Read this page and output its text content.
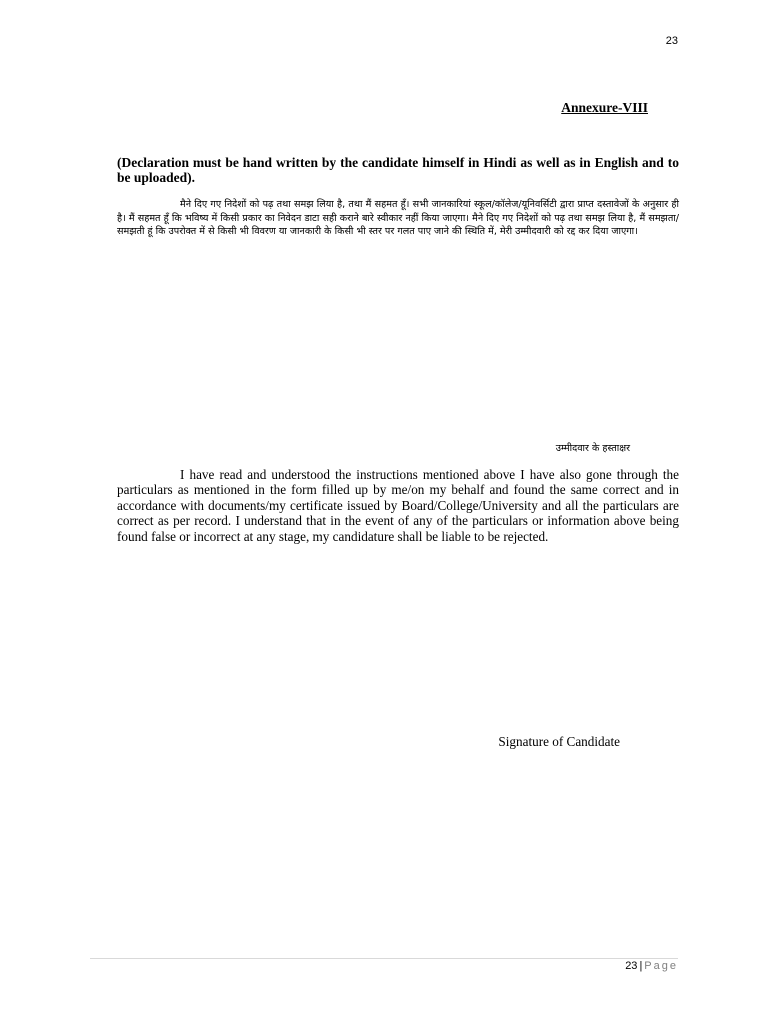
23
Annexure-VIII
(Declaration must be hand written by the candidate himself in Hindi as well as in English and to be uploaded).
मैने दिए गए निदेशों को पढ़ तथा समझ लिया है, तथा मैं सहमत हूँ। सभी जानकारियां स्कूल/कॉलेज/यूनिवर्सिटी द्वारा प्राप्त दस्तावेजों के अनुसार ही है। मैं सहमत हूँ कि भविष्य में किसी प्रकार का निवेदन डाटा सही कराने बारे स्वीकार नहीं किया जाएगा। मैने दिए गए निदेशों को पढ़ तथा समझ लिया है, मैं समझता/समझती हूं कि उपरोक्त में से किसी भी विवरण या जानकारी के किसी भी स्तर पर गलत पाए जाने की स्थिति में, मेरी उम्मीदवारी को रद्द कर दिया जाएगा।
उम्मीदवार के हस्ताक्षर
I have read and understood the instructions mentioned above I have also gone through the particulars as mentioned in the form filled up by me/on my behalf and found the same correct and in accordance with documents/my certificate issued by Board/College/University and all the particulars are correct as per record. I understand that in the event of any of the particulars or information above being found false or incorrect at any stage, my candidature shall be liable to be rejected.
Signature of Candidate
23 | Page
